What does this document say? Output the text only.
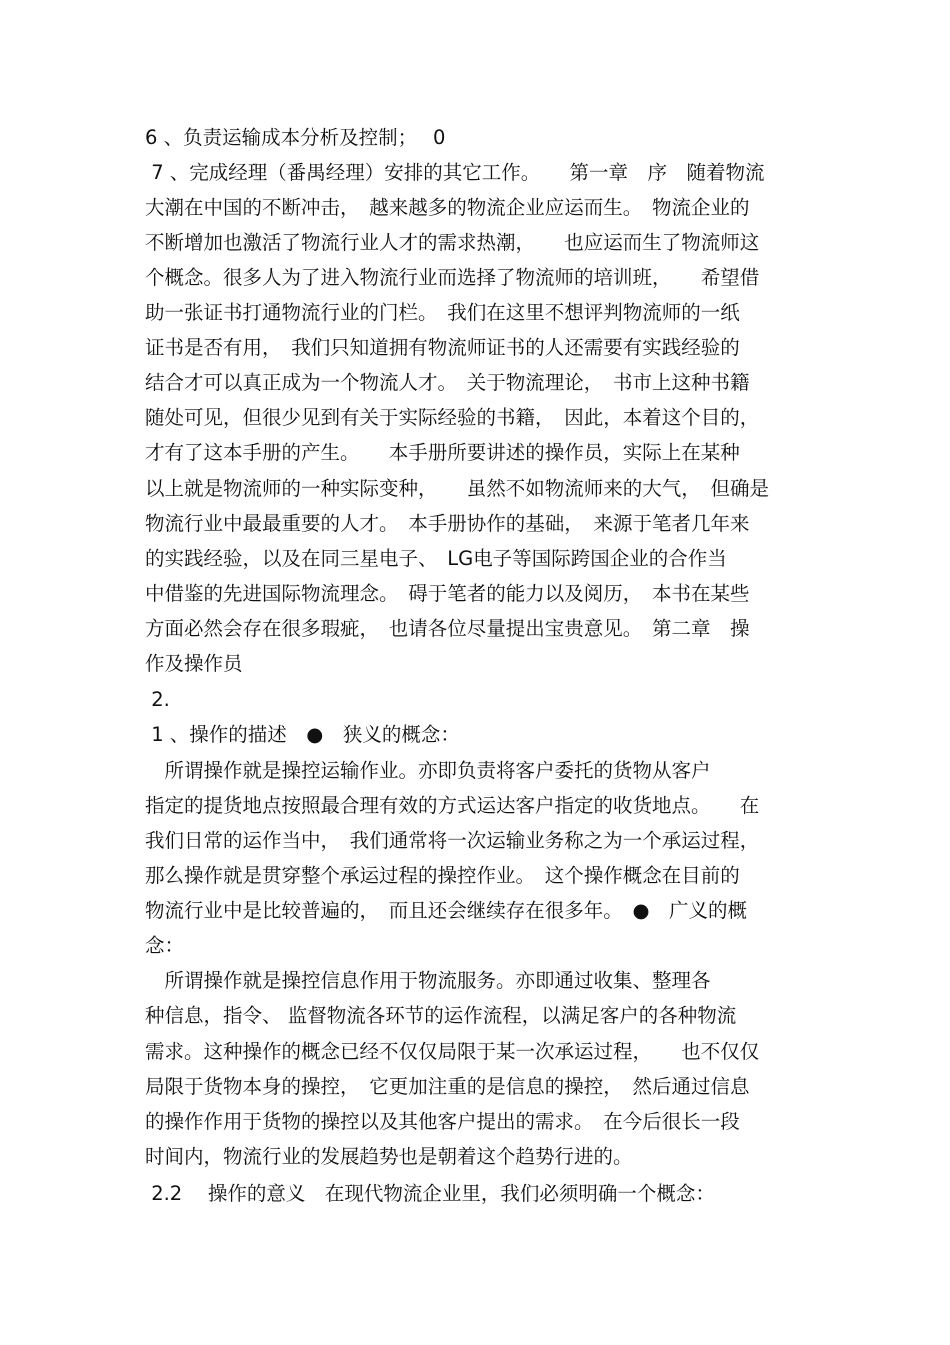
6 、负责运输成本分析及控制；　 0
7 、完成经理（番禺经理）安排的其它工作。　　第一章　序　随着物流
大潮在中国的不断冲击，　越来越多的物流企业应运而生。　物流企业的
不断增加也激活了物流行业人才的需求热潮，　　也应运而生了物流师这
个概念。很多人为了进入物流行业而选择了物流师的培训班，　　希望借
助一张证书打通物流行业的门栏。　我们在这里不想评判物流师的一纸
证书是否有用，　我们只知道拥有物流师证书的人还需要有实践经验的
结合才可以真正成为一个物流人才。　关于物流理论，　书市上这种书籍
随处可见，但很少见到有关于实际经验的书籍，　因此，本着这个目的，
才有了这本手册的产生。　　本手册所要讲述的操作员，实际上在某种
以上就是物流师的一种实际变种，　　虽然不如物流师来的大气，　但确是
物流行业中最最重要的人才。　本手册协作的基础，　来源于笔者几年来
的实践经验，以及在同三星电子、　LG电子等国际跨国企业的合作当
中借鉴的先进国际物流理念。　碍于笔者的能力以及阅历，　本书在某些
方面必然会存在很多瑕疵，　也请各位尽量提出宝贵意见。　第二章　操
作及操作员
2.
1 、操作的描述　●　狭义的概念：
　所谓操作就是操控运输作业。亦即负责将客户委托的货物从客户
指定的提货地点按照最合理有效的方式运达客户指定的收货地点。　　在
我们日常的运作当中，　我们通常将一次运输业务称之为一个承运过程，
那么操作就是贯穿整个承运过程的操控作业。　这个操作概念在目前的
物流行业中是比较普遍的，　而且还会继续存在很多年。　●　广义的概
念：
　所谓操作就是操控信息作用于物流服务。亦即通过收集、整理各
种信息，指令、 监督物流各环节的运作流程，以满足客户的各种物流
需求。这种操作的概念已经不仅仅局限于某一次承运过程，　　也不仅仅
局限于货物本身的操控，　它更加注重的是信息的操控，　然后通过信息
的操作作用于货物的操控以及其他客户提出的需求。　在今后很长一段
时间内，物流行业的发展趋势也是朝着这个趋势行进的。
2.2 　操作的意义　在现代物流企业里，我们必须明确一个概念：
